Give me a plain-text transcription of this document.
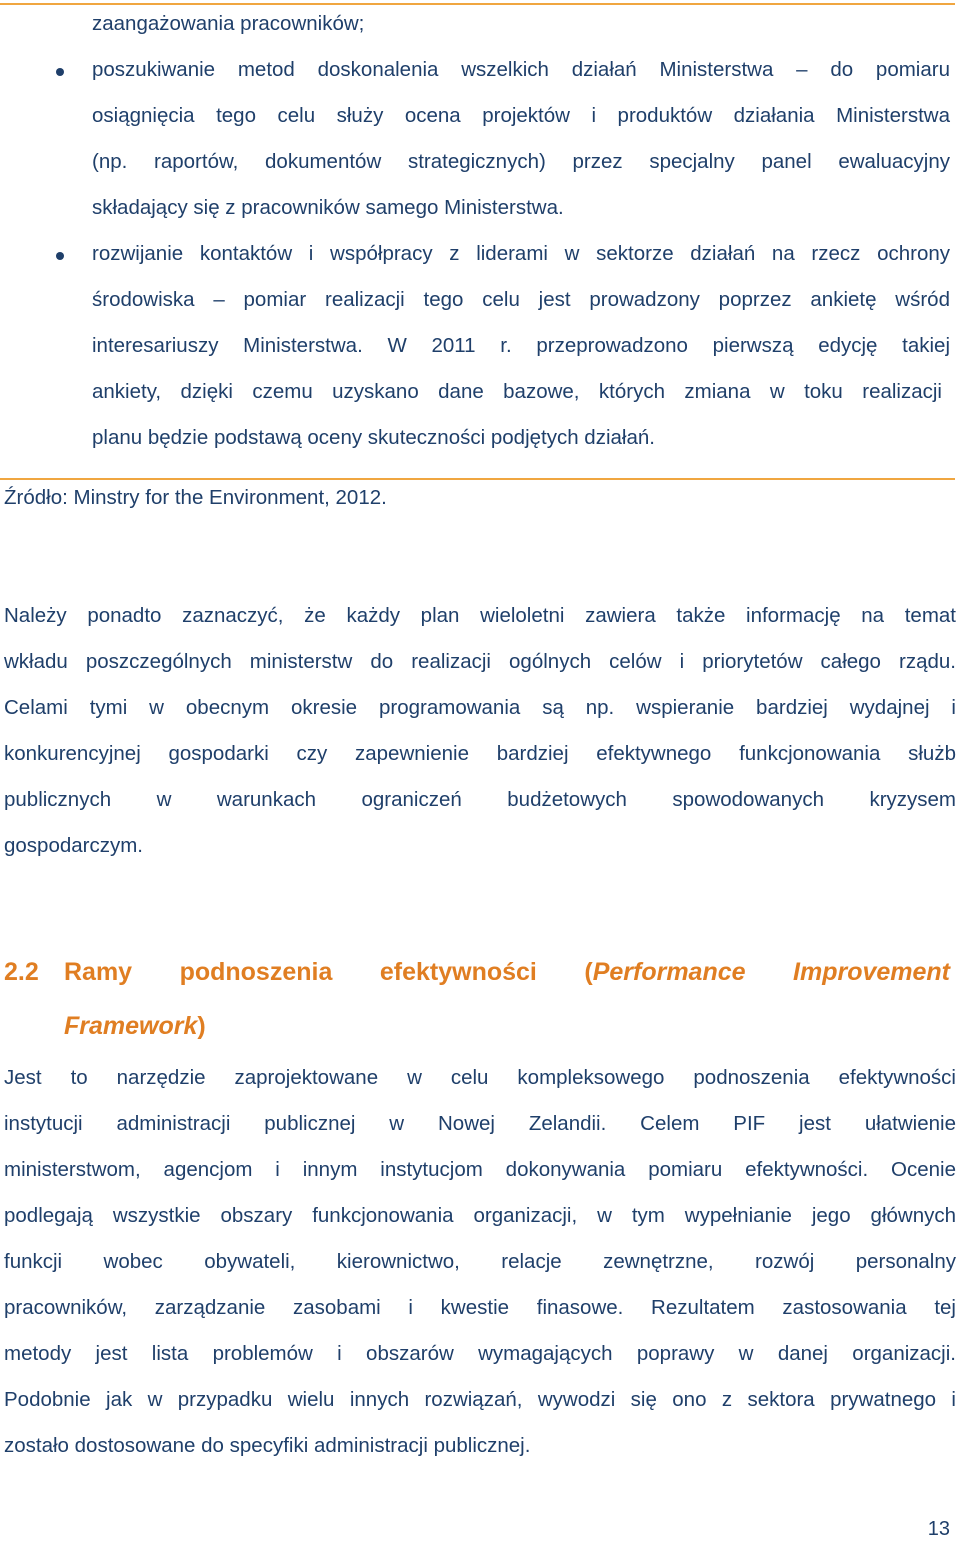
zaangażowania pracowników;
poszukiwanie metod doskonalenia wszelkich działań Ministerstwa – do pomiaru
osiągnięcia tego celu służy ocena projektów i produktów działania Ministerstwa
(np. raportów, dokumentów strategicznych) przez specjalny panel ewaluacyjny
składający się z pracowników samego Ministerstwa.
rozwijanie kontaktów i współpracy z liderami w sektorze działań na rzecz ochrony
środowiska – pomiar realizacji tego celu jest prowadzony poprzez ankietę wśród
interesariuszy Ministerstwa. W 2011 r. przeprowadzono pierwszą edycję takiej
ankiety, dzięki czemu uzyskano dane bazowe, których zmiana w toku realizacji
planu będzie podstawą oceny skuteczności podjętych działań.
Źródło: Minstry for the Environment, 2012.
Należy ponadto zaznaczyć, że każdy plan wieloletni zawiera także informację na temat
wkładu poszczególnych ministerstw do realizacji ogólnych celów i priorytetów całego rządu.
Celami tymi w obecnym okresie programowania są np. wspieranie bardziej wydajnej i
konkurencyjnej gospodarki czy zapewnienie bardziej efektywnego funkcjonowania służb
publicznych w warunkach ograniczeń budżetowych spowodowanych kryzysem
gospodarczym.
2.2 Ramy podnoszenia efektywności (Performance Improvement
Framework)
Jest to narzędzie zaprojektowane w celu kompleksowego podnoszenia efektywności
instytucji administracji publicznej w Nowej Zelandii. Celem PIF jest ułatwienie
ministerstwom, agencjom i innym instytucjom dokonywania pomiaru efektywności. Ocenie
podlegają wszystkie obszary funkcjonowania organizacji, w tym wypełnianie jego głównych
funkcji wobec obywateli, kierownictwo, relacje zewnętrzne, rozwój personalny
pracowników, zarządzanie zasobami i kwestie finasowe. Rezultatem zastosowania tej
metody jest lista problemów i obszarów wymagających poprawy w danej organizacji.
Podobnie jak w przypadku wielu innych rozwiązań, wywodzi się ono z sektora prywatnego i
zostało dostosowane do specyfiki administracji publicznej.
13
